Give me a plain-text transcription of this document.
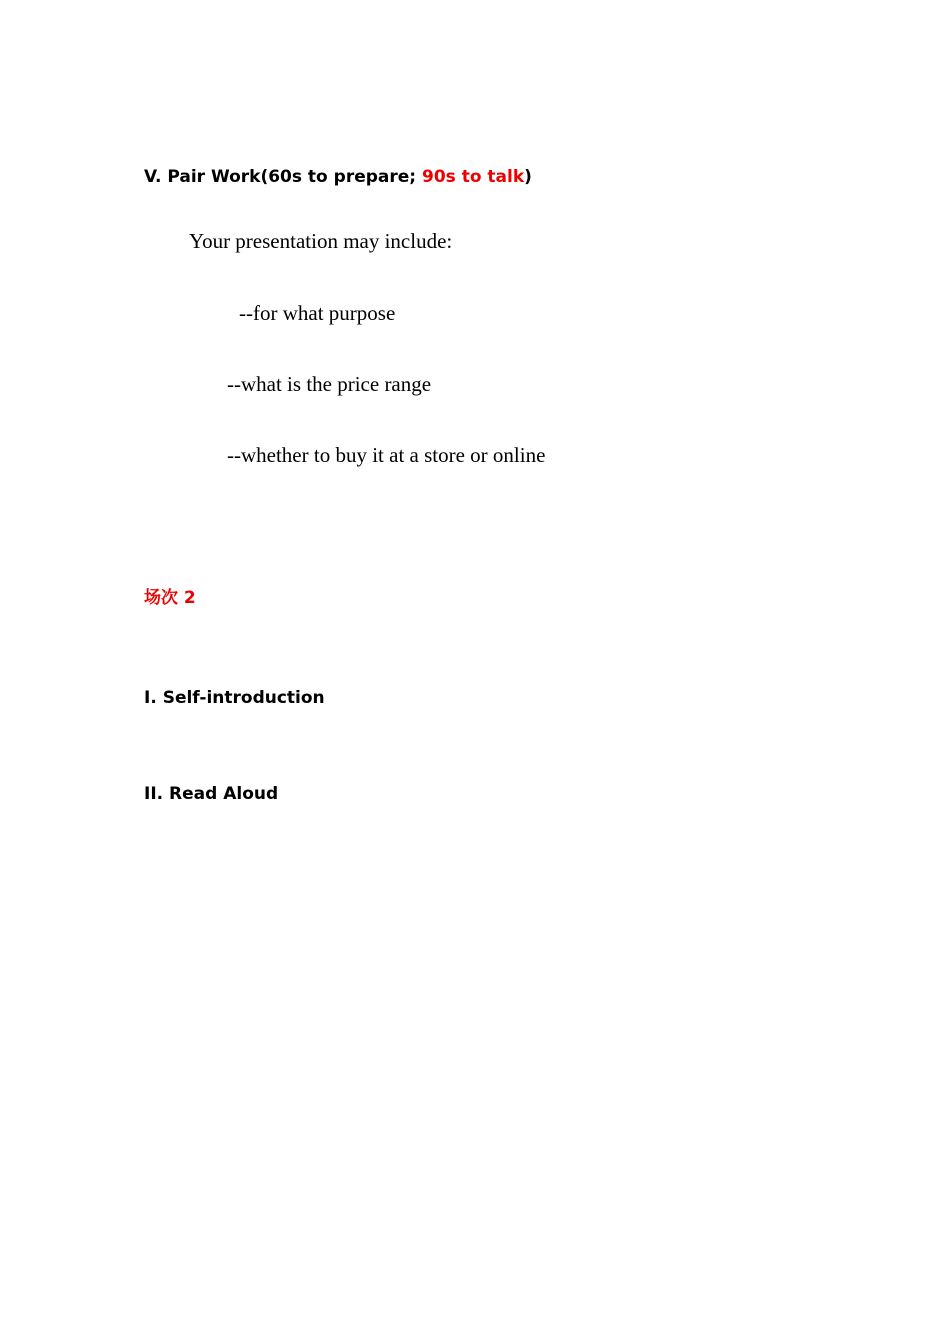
V. Pair Work(60s to prepare; 90s to talk)
Your presentation may include:
--for what purpose
--what is the price range
--whether to buy it at a store or online
场次 2
I. Self-introduction
II. Read Aloud
